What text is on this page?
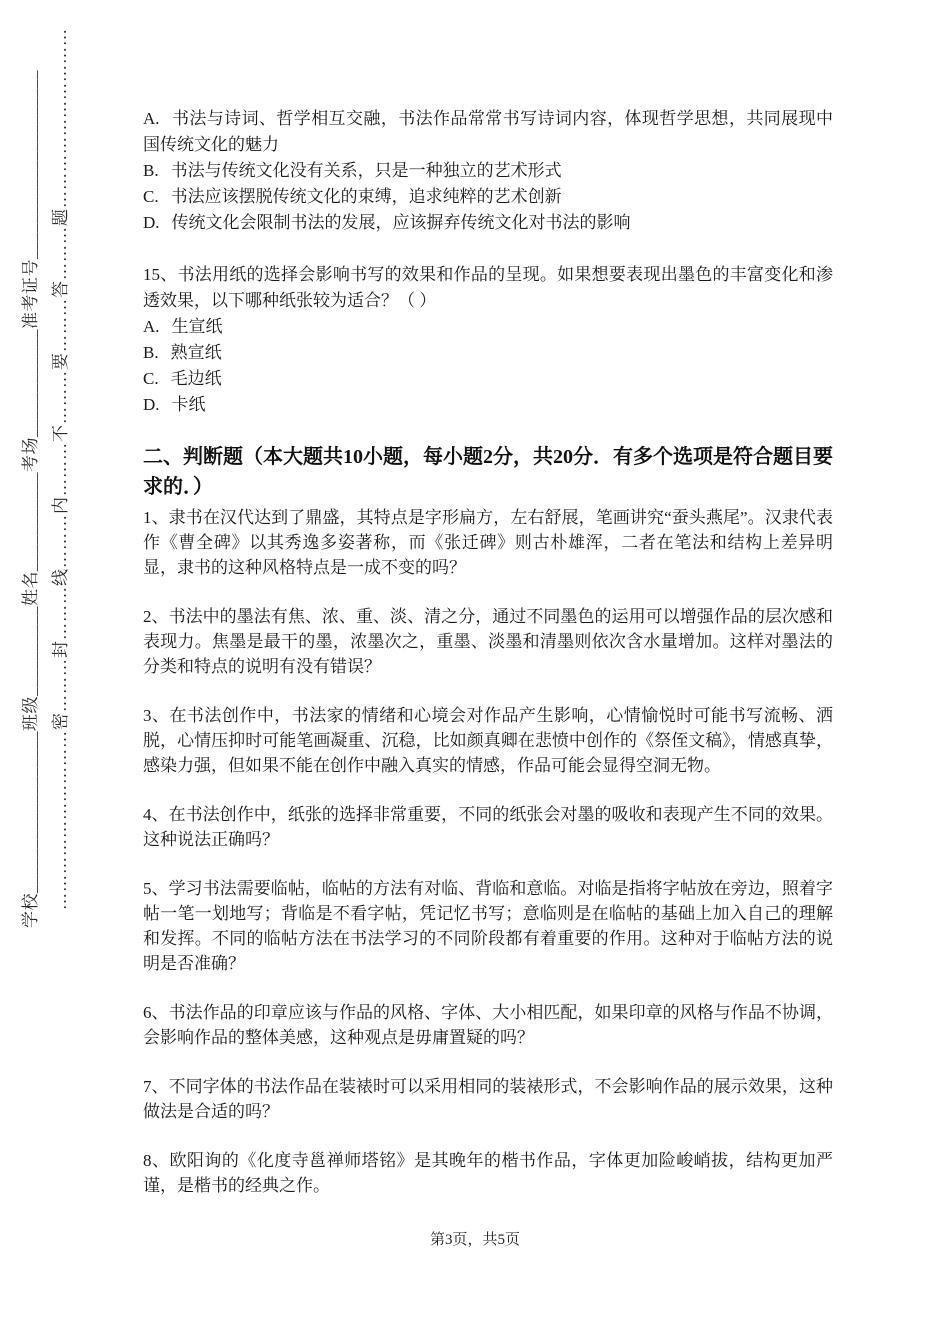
学校__________________班级__________姓名___________考场____________准考证号_____________________ …………………………密………封………线………内………不………要………答………题…………………………	A. 书法与诗词、哲学相互交融，书法作品常常书写诗词内容，体现哲学思想，共同展现中国传统文化的魅力
B. 书法与传统文化没有关系，只是一种独立的艺术形式
C. 书法应该摆脱传统文化的束缚，追求纯粹的艺术创新
D. 传统文化会限制书法的发展，应该摒弃传统文化对书法的影响
15、书法用纸的选择会影响书写的效果和作品的呈现。如果想要表现出墨色的丰富变化和渗透效果，以下哪种纸张较为适合？（ ）
A. 生宣纸
B. 熟宣纸
C. 毛边纸
D. 卡纸
二、判断题（本大题共10小题，每小题2分，共20分．有多个选项是符合题目要求的．）
1、隶书在汉代达到了鼎盛，其特点是字形扁方，左右舒展，笔画讲究“蚕头燕尾”。汉隶代表作《曹全碑》以其秀逸多姿著称，而《张迁碑》则古朴雄浑，二者在笔法和结构上差异明显，隶书的这种风格特点是一成不变的吗？
2、书法中的墨法有焦、浓、重、淡、清之分，通过不同墨色的运用可以增强作品的层次感和表现力。焦墨是最干的墨，浓墨次之，重墨、淡墨和清墨则依次含水量增加。这样对墨法的分类和特点的说明有没有错误？
3、在书法创作中，书法家的情绪和心境会对作品产生影响，心情愉悦时可能书写流畅、洒脱，心情压抑时可能笔画凝重、沉稳，比如颜真卿在悲愤中创作的《祭侄文稿》，情感真挚，感染力强，但如果不能在创作中融入真实的情感，作品可能会显得空洞无物。
4、在书法创作中，纸张的选择非常重要，不同的纸张会对墨的吸收和表现产生不同的效果。这种说法正确吗？
5、学习书法需要临帖，临帖的方法有对临、背临和意临。对临是指将字帖放在旁边，照着字帖一笔一划地写；背临是不看字帖，凭记忆书写；意临则是在临帖的基础上加入自己的理解和发挥。不同的临帖方法在书法学习的不同阶段都有着重要的作用。这种对于临帖方法的说明是否准确？
6、书法作品的印章应该与作品的风格、字体、大小相匹配，如果印章的风格与作品不协调，会影响作品的整体美感，这种观点是毋庸置疑的吗？
7、不同字体的书法作品在装裱时可以采用相同的装裱形式，不会影响作品的展示效果，这种做法是合适的吗？
8、欧阳询的《化度寺邕禅师塔铭》是其晚年的楷书作品，字体更加险峻峭拔，结构更加严谨，是楷书的经典之作。
第3页，共5页
